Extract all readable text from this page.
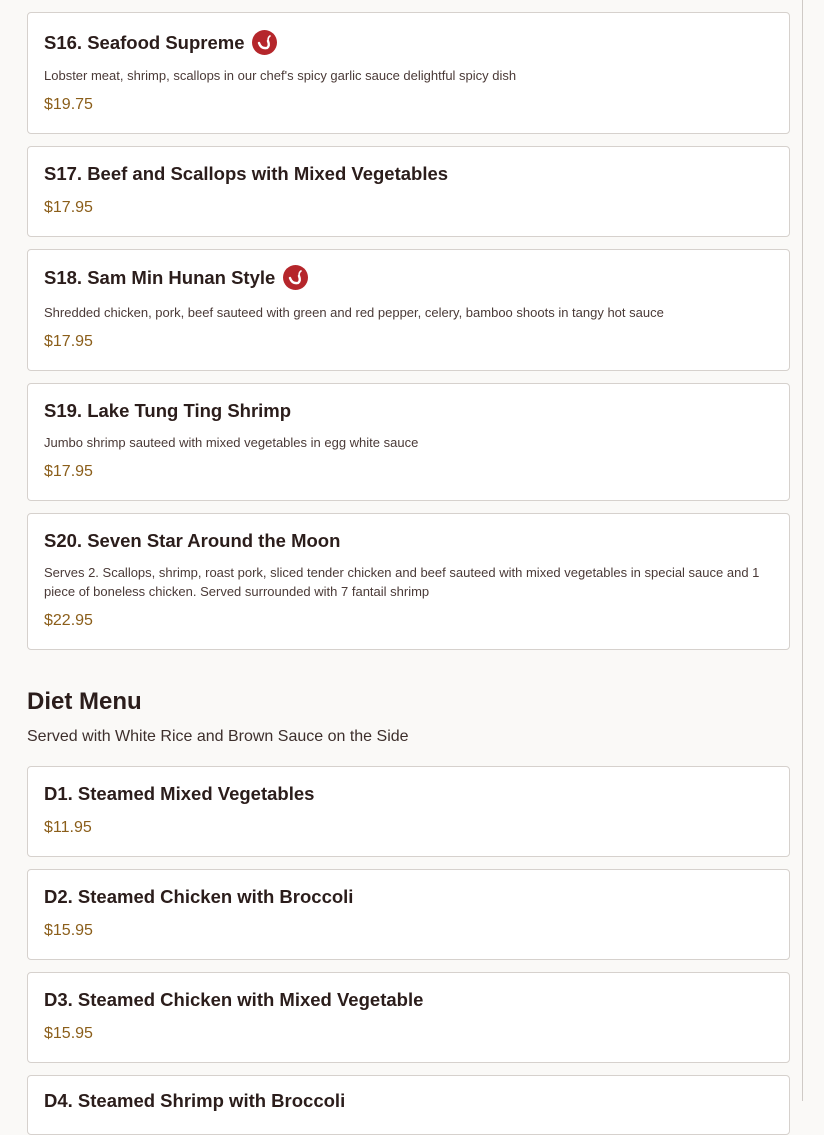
S16. Seafood Supreme
Lobster meat, shrimp, scallops in our chef's spicy garlic sauce delightful spicy dish
$19.75
S17. Beef and Scallops with Mixed Vegetables
$17.95
S18. Sam Min Hunan Style
Shredded chicken, pork, beef sauteed with green and red pepper, celery, bamboo shoots in tangy hot sauce
$17.95
S19. Lake Tung Ting Shrimp
Jumbo shrimp sauteed with mixed vegetables in egg white sauce
$17.95
S20. Seven Star Around the Moon
Serves 2. Scallops, shrimp, roast pork, sliced tender chicken and beef sauteed with mixed vegetables in special sauce and 1 piece of boneless chicken. Served surrounded with 7 fantail shrimp
$22.95
Diet Menu
Served with White Rice and Brown Sauce on the Side
D1. Steamed Mixed Vegetables
$11.95
D2. Steamed Chicken with Broccoli
$15.95
D3. Steamed Chicken with Mixed Vegetable
$15.95
D4. Steamed Shrimp with Broccoli
